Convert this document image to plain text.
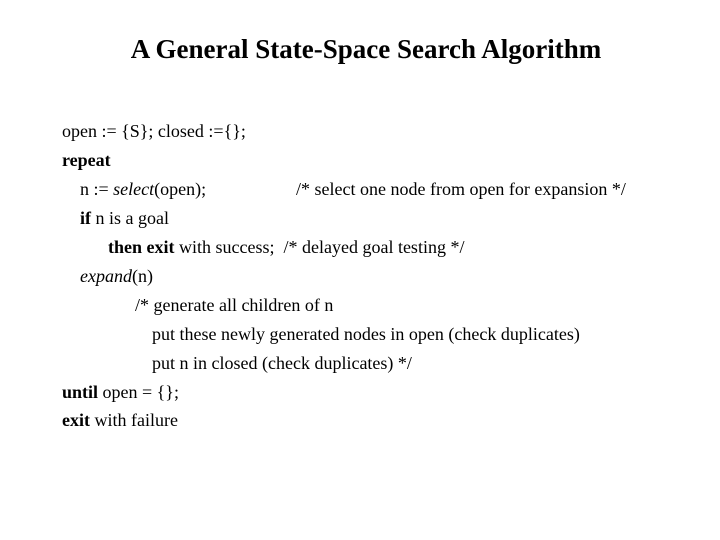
A General State-Space Search Algorithm
open := {S}; closed :={};
repeat
n := select(open);	/* select one node from open for expansion */
if n is a goal
then exit with success;  /* delayed goal testing */
expand(n)
/* generate all children of n
put these newly generated nodes in open (check duplicates)
put n in closed (check duplicates) */
until open = {};
exit with failure
